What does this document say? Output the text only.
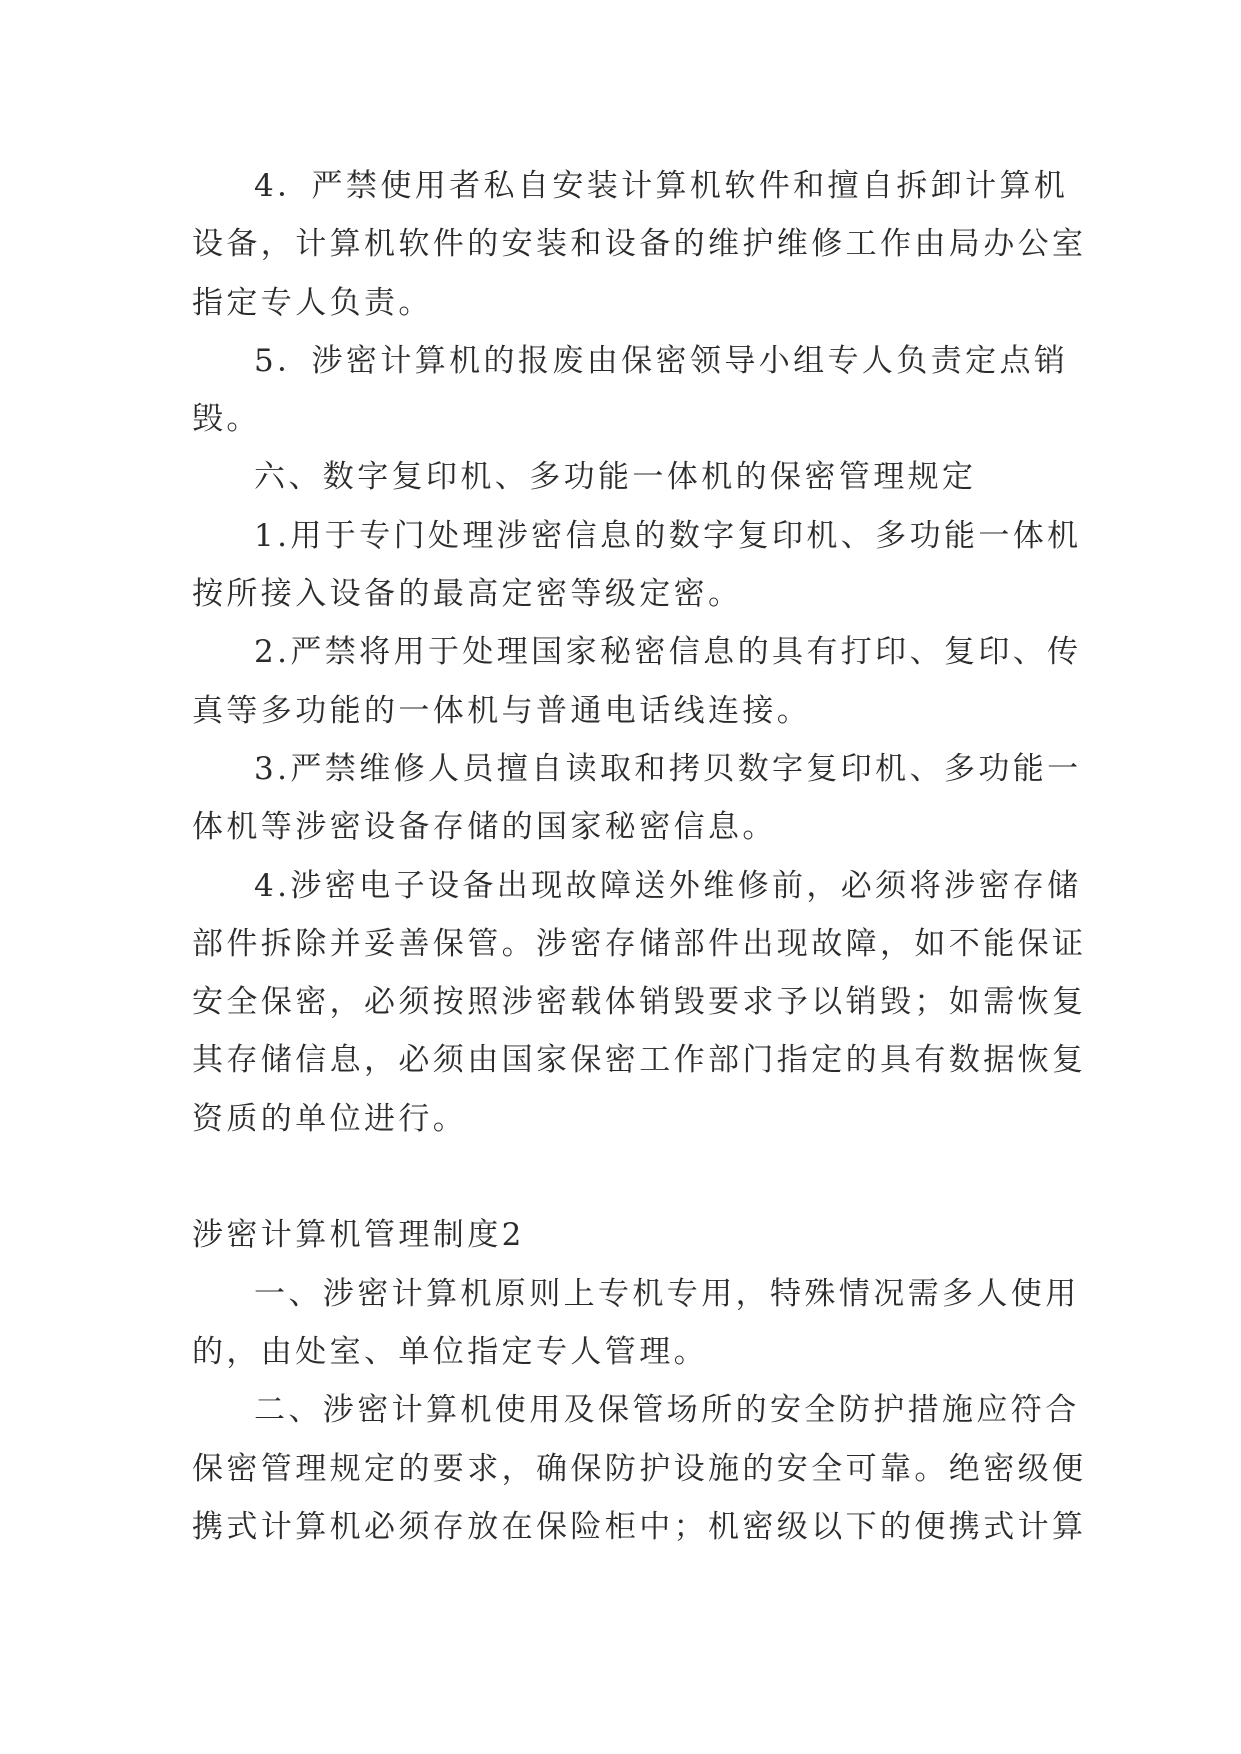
4．严禁使用者私自安装计算机软件和擅自拆卸计算机
设备，计算机软件的安装和设备的维护维修工作由局办公室
指定专人负责。
5．涉密计算机的报废由保密领导小组专人负责定点销
毁。
六、数字复印机、多功能一体机的保密管理规定
1.用于专门处理涉密信息的数字复印机、多功能一体机
按所接入设备的最高定密等级定密。
2.严禁将用于处理国家秘密信息的具有打印、复印、传
真等多功能的一体机与普通电话线连接。
3.严禁维修人员擅自读取和拷贝数字复印机、多功能一
体机等涉密设备存储的国家秘密信息。
4.涉密电子设备出现故障送外维修前，必须将涉密存储
部件拆除并妥善保管。涉密存储部件出现故障，如不能保证
安全保密，必须按照涉密载体销毁要求予以销毁；如需恢复
其存储信息，必须由国家保密工作部门指定的具有数据恢复
资质的单位进行。
涉密计算机管理制度2
一、涉密计算机原则上专机专用，特殊情况需多人使用
的，由处室、单位指定专人管理。
二、涉密计算机使用及保管场所的安全防护措施应符合
保密管理规定的要求，确保防护设施的安全可靠。绝密级便
携式计算机必须存放在保险柜中；机密级以下的便携式计算
